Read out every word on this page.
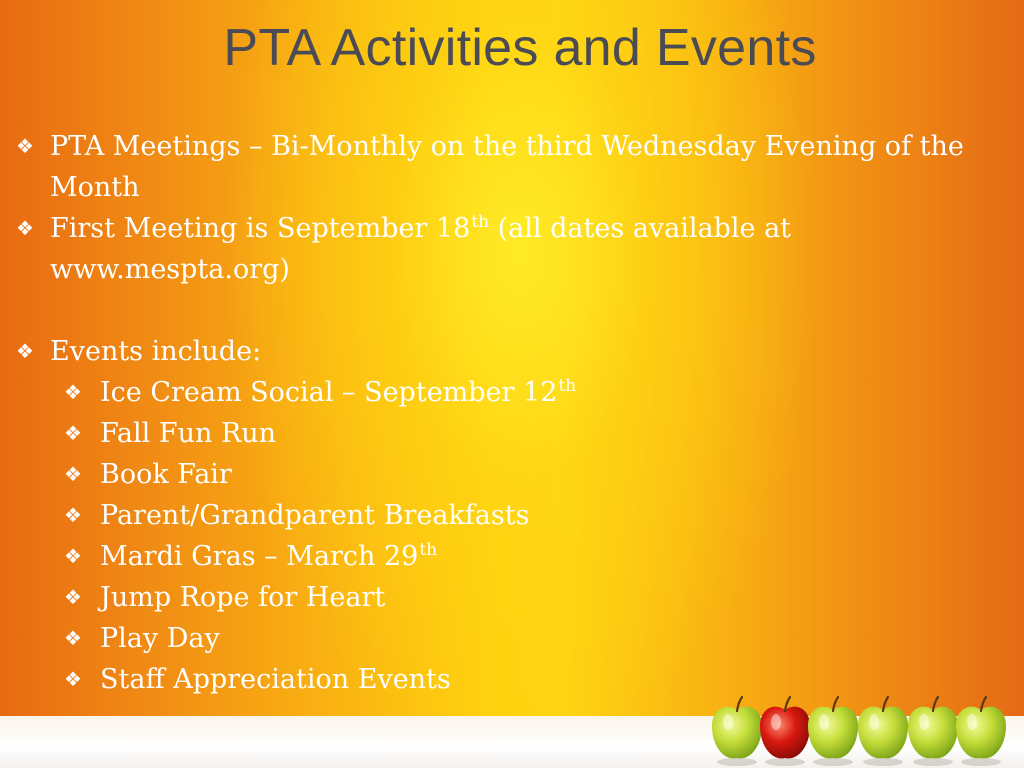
PTA Activities and Events
❖ PTA Meetings – Bi-Monthly on the third Wednesday Evening of the Month
❖ First Meeting is September 18th (all dates available at www.mespta.org)
❖ Events include:
❖ Ice Cream Social – September 12th
❖ Fall Fun Run
❖ Book Fair
❖ Parent/Grandparent Breakfasts
❖ Mardi Gras – March 29th
❖ Jump Rope for Heart
❖ Play Day
❖ Staff Appreciation Events
